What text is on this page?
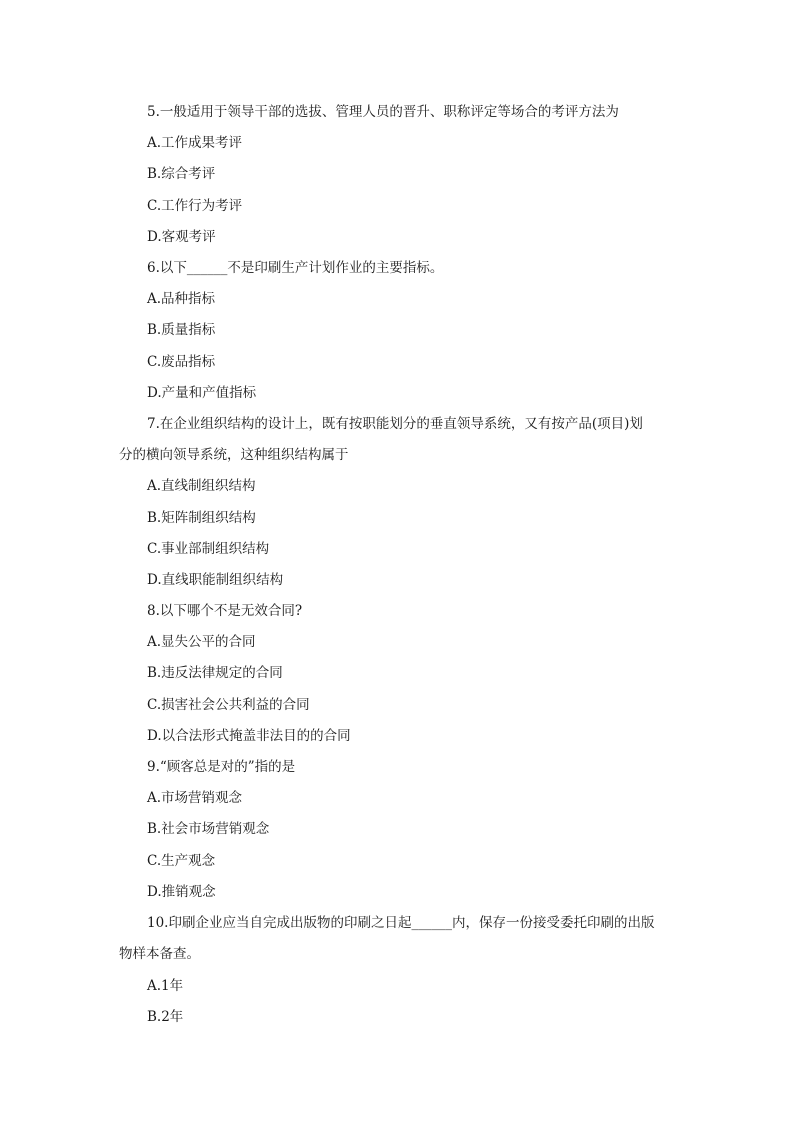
5.一般适用于领导干部的选拔、管理人员的晋升、职称评定等场合的考评方法为
A.工作成果考评
B.综合考评
C.工作行为考评
D.客观考评
6.以下______不是印刷生产计划作业的主要指标。
A.品种指标
B.质量指标
C.废品指标
D.产量和产值指标
7.在企业组织结构的设计上，既有按职能划分的垂直领导系统，又有按产品(项目)划
分的横向领导系统，这种组织结构属于
A.直线制组织结构
B.矩阵制组织结构
C.事业部制组织结构
D.直线职能制组织结构
8.以下哪个不是无效合同?
A.显失公平的合同
B.违反法律规定的合同
C.损害社会公共利益的合同
D.以合法形式掩盖非法目的的合同
9.“顾客总是对的”指的是
A.市场营销观念
B.社会市场营销观念
C.生产观念
D.推销观念
10.印刷企业应当自完成出版物的印刷之日起______内，保存一份接受委托印刷的出版
物样本备查。
A.1年
B.2年
